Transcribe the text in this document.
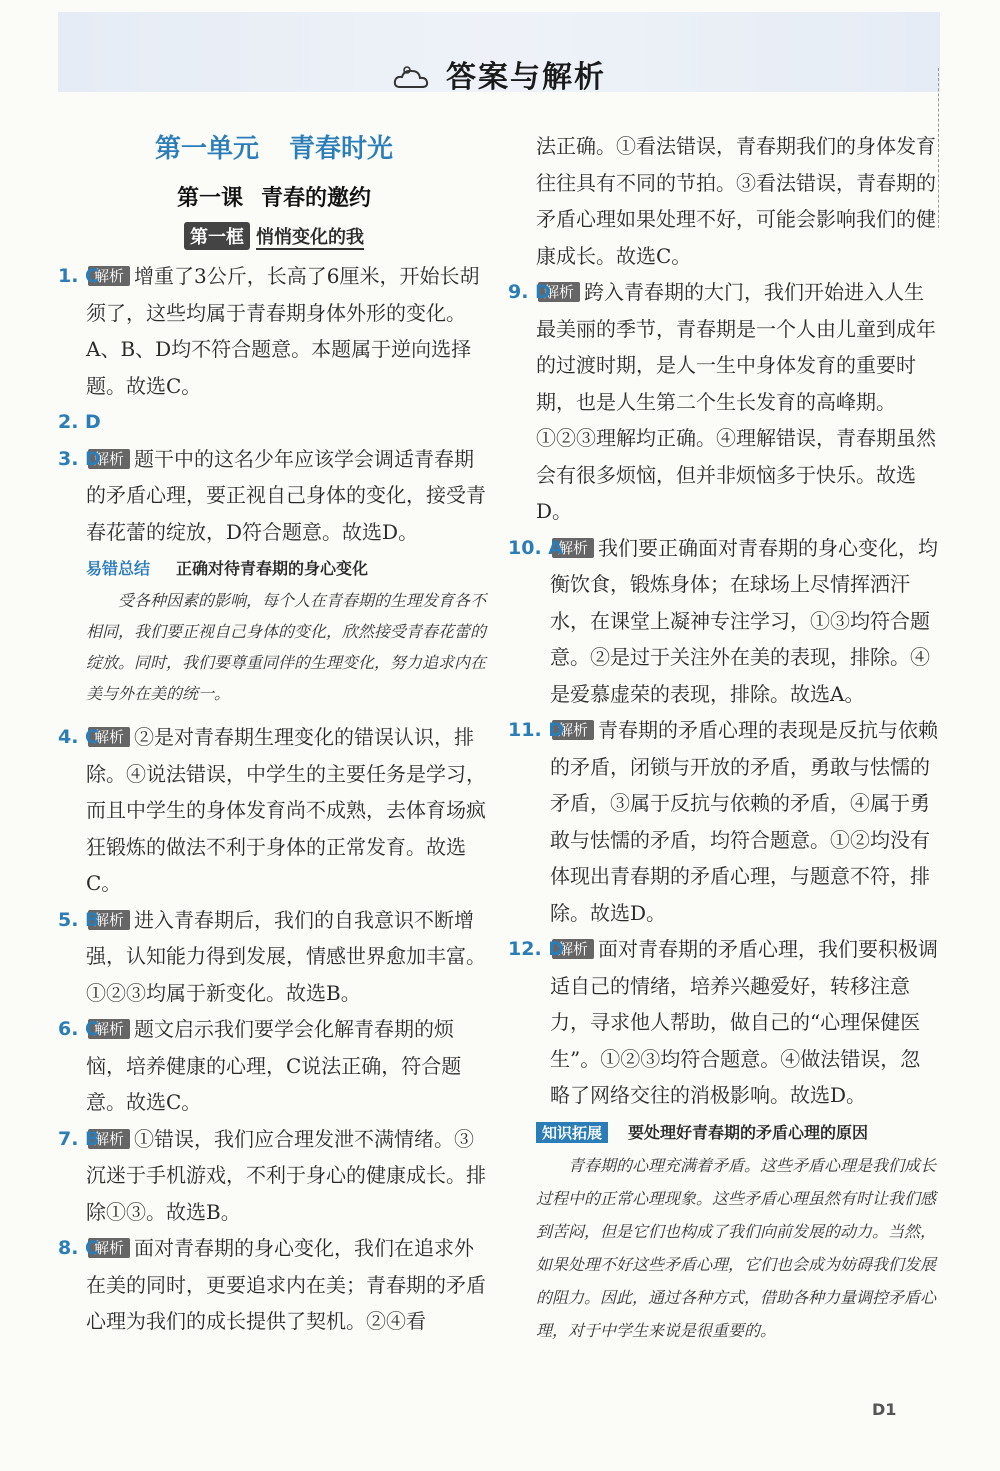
答案与解析
第一单元 青春时光
第一课 青春的邀约
第一框 悄悄变化的我

1. C
解析 增重了3公斤，长高了6厘米，开始长胡须了，这些均属于青春期身体外形的变化。A、B、D均不符合题意。本题属于逆向选择题。故选C。

2. D

3. D
解析 题干中的这名少年应该学会调适青春期的矛盾心理，要正视自己身体的变化，接受青春花蕾的绽放，D符合题意。故选D。

易错总结 正确对待青春期的身心变化
受各种因素的影响，每个人在青春期的生理发育各不相同，我们要正视自己身体的变化，欣然接受青春花蕾的绽放。同时，我们要尊重同伴的生理变化，努力追求内在美与外在美的统一。

4. C
解析 ②是对青春期生理变化的错误认识，排除。④说法错误，中学生的主要任务是学习，而且中学生的身体发育尚不成熟，去体育场疯狂锻炼的做法不利于身体的正常发育。故选C。

5. B
解析 进入青春期后，我们的自我意识不断增强，认知能力得到发展，情感世界愈加丰富。①②③均属于新变化。故选B。

6. C
解析 题文启示我们要学会化解青春期的烦恼，培养健康的心理，C说法正确，符合题意。故选C。

7. B
解析 ①错误，我们应合理发泄不满情绪。③沉迷于手机游戏，不利于身心的健康成长。排除①③。故选B。

8. C
解析 面对青春期的身心变化，我们在追求外在美的同时，更要追求内在美；青春期的矛盾心理为我们的成长提供了契机。②④看

法正确。①看法错误，青春期我们的身体发育往往具有不同的节拍。③看法错误，青春期的矛盾心理如果处理不好，可能会影响我们的健康成长。故选C。

9. D
解析 跨入青春期的大门，我们开始进入人生最美丽的季节，青春期是一个人由儿童到成年的过渡时期，是人一生中身体发育的重要时期，也是人生第二个生长发育的高峰期。①②③理解均正确。④理解错误，青春期虽然会有很多烦恼，但并非烦恼多于快乐。故选D。

10. A
解析 我们要正确面对青春期的身心变化，均衡饮食，锻炼身体；在球场上尽情挥洒汗水，在课堂上凝神专注学习，①③均符合题意。②是过于关注外在美的表现，排除。④是爱慕虚荣的表现，排除。故选A。

11. D
解析 青春期的矛盾心理的表现是反抗与依赖的矛盾，闭锁与开放的矛盾，勇敢与怯懦的矛盾，③属于反抗与依赖的矛盾，④属于勇敢与怯懦的矛盾，均符合题意。①②均没有体现出青春期的矛盾心理，与题意不符，排除。故选D。

12. D
解析 面对青春期的矛盾心理，我们要积极调适自己的情绪，培养兴趣爱好，转移注意力，寻求他人帮助，做自己的“心理保健医生”。①②③均符合题意。④做法错误，忽略了网络交往的消极影响。故选D。

知识拓展 要处理好青春期的矛盾心理的原因
青春期的心理充满着矛盾。这些矛盾心理是我们成长过程中的正常心理现象。这些矛盾心理虽然有时让我们感到苦闷，但是它们也构成了我们向前发展的动力。当然，如果处理不好这些矛盾心理，它们也会成为妨碍我们发展的阻力。因此，通过各种方式，借助各种力量调控矛盾心理，对于中学生来说是很重要的。
D1
